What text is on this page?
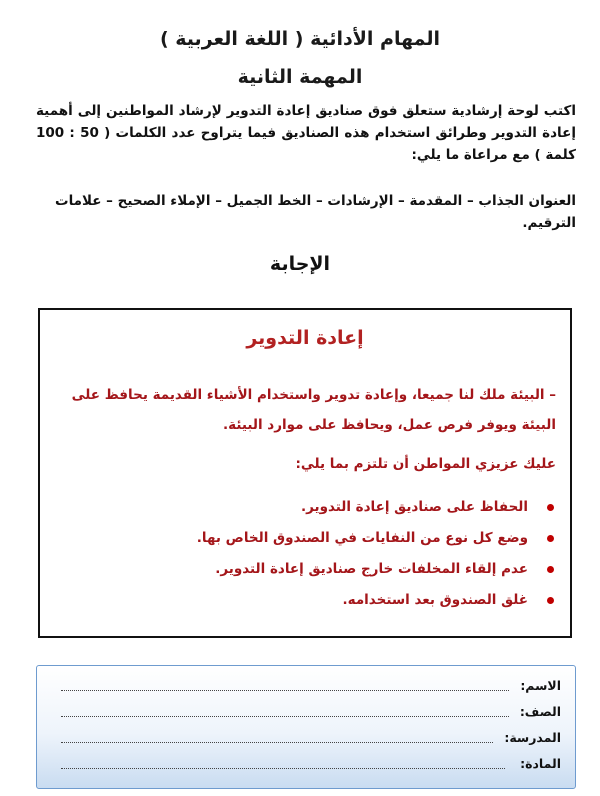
المهام الأدائية ( اللغة العربية )
المهمة الثانية
اكتب لوحة إرشادية ستعلق فوق صناديق إعادة التدوير لإرشاد المواطنين إلى أهمية إعادة التدوير وطرائق استخدام هذه الصناديق فيما يتراوح عدد الكلمات ( 50 : 100 كلمة ) مع مراعاة ما يلي:
العنوان الجذاب – المقدمة – الإرشادات – الخط الجميل – الإملاء الصحيح – علامات الترقيم.
الإجابة
إعادة التدوير
– البيئة ملك لنا جميعا، وإعادة تدوير واستخدام الأشياء القديمة يحافظ على البيئة ويوفر فرص عمل، ويحافظ على موارد البيئة.
عليك عزيزي المواطن أن تلتزم بما يلي:
الحفاظ على صناديق إعادة التدوير.
وضع كل نوع من النفايات في الصندوق الخاص بها.
عدم إلقاء المخلفات خارج صناديق إعادة التدوير.
غلق الصندوق بعد استخدامه.
الاسم:
الصف:
المدرسة:
المادة:
